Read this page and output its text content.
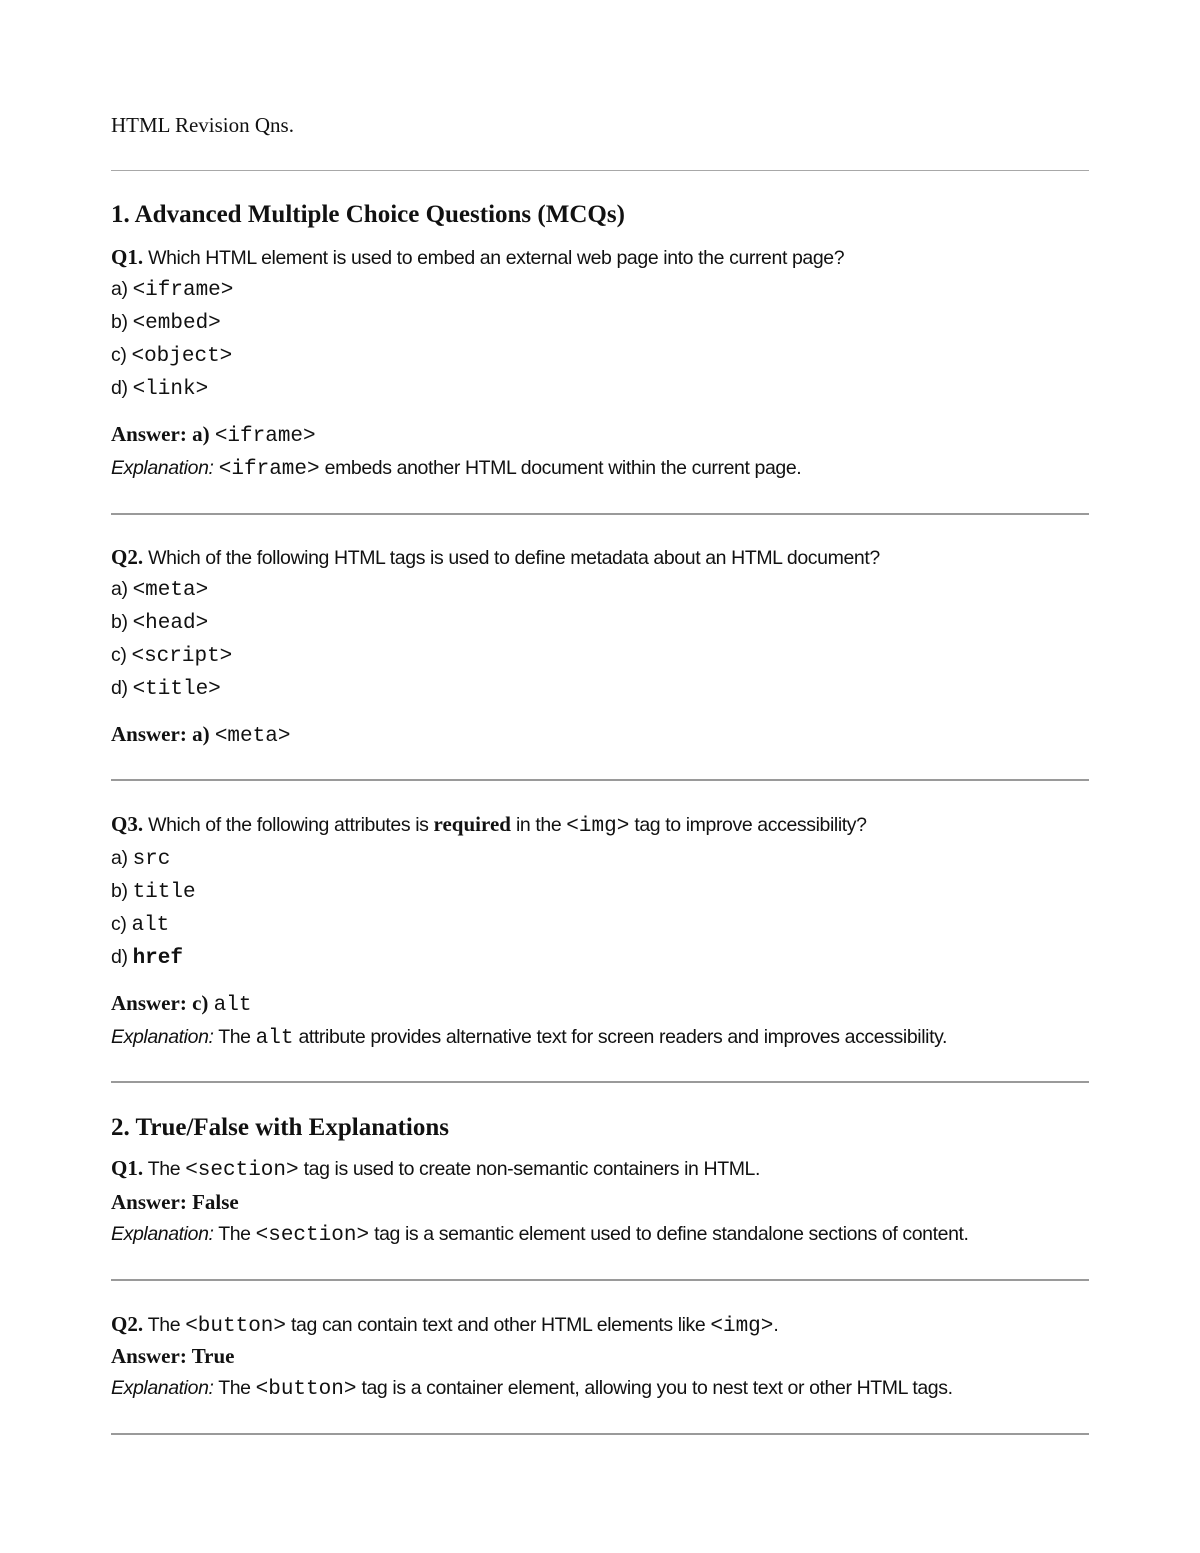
HTML Revision Qns.
1. Advanced Multiple Choice Questions (MCQs)
Q1. Which HTML element is used to embed an external web page into the current page?
a) <iframe>
b) <embed>
c) <object>
d) <link>
Answer: a) <iframe>
Explanation: <iframe> embeds another HTML document within the current page.
Q2. Which of the following HTML tags is used to define metadata about an HTML document?
a) <meta>
b) <head>
c) <script>
d) <title>
Answer: a) <meta>
Q3. Which of the following attributes is required in the <img> tag to improve accessibility?
a) src
b) title
c) alt
d) href
Answer: c) alt
Explanation: The alt attribute provides alternative text for screen readers and improves accessibility.
2. True/False with Explanations
Q1. The <section> tag is used to create non-semantic containers in HTML.
Answer: False
Explanation: The <section> tag is a semantic element used to define standalone sections of content.
Q2. The <button> tag can contain text and other HTML elements like <img>.
Answer: True
Explanation: The <button> tag is a container element, allowing you to nest text or other HTML tags.
